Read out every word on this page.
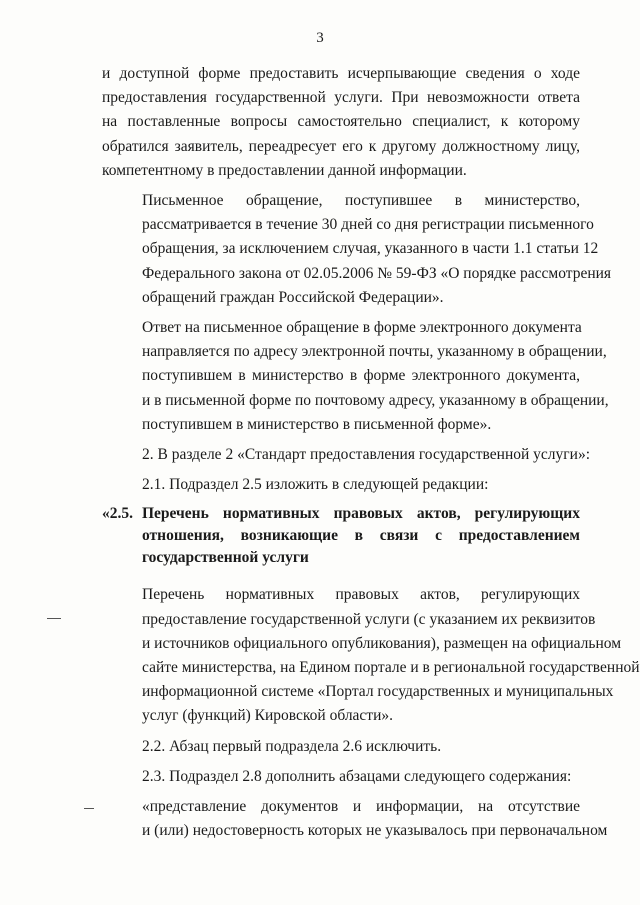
3
и доступной форме предоставить исчерпывающие сведения о ходе
предоставления государственной услуги. При невозможности ответа
на поставленные вопросы самостоятельно специалист, к которому
обратился заявитель, переадресует его к другому должностному лицу,
компетентному в предоставлении данной информации.
Письменное обращение, поступившее в министерство,
рассматривается в течение 30 дней со дня регистрации письменного
обращения, за исключением случая, указанного в части 1.1 статьи 12
Федерального закона от 02.05.2006 № 59-ФЗ «О порядке рассмотрения
обращений граждан Российской Федерации».
Ответ на письменное обращение в форме электронного документа
направляется по адресу электронной почты, указанному в обращении,
поступившем в министерство в форме электронного документа,
и в письменной форме по почтовому адресу, указанному в обращении,
поступившем в министерство в письменной форме».
2. В разделе 2 «Стандарт предоставления государственной услуги»:
2.1. Подраздел 2.5 изложить в следующей редакции:
«2.5. Перечень нормативных правовых актов, регулирующих
отношения, возникающие в связи с предоставлением
государственной услуги
Перечень нормативных правовых актов, регулирующих
предоставление государственной услуги (с указанием их реквизитов
и источников официального опубликования), размещен на официальном
сайте министерства, на Едином портале и в региональной государственной
информационной системе «Портал государственных и муниципальных
услуг (функций) Кировской области».
2.2. Абзац первый подраздела 2.6 исключить.
2.3. Подраздел 2.8 дополнить абзацами следующего содержания:
«представление документов и информации, на отсутствие
и (или) недостоверность которых не указывалось при первоначальном
